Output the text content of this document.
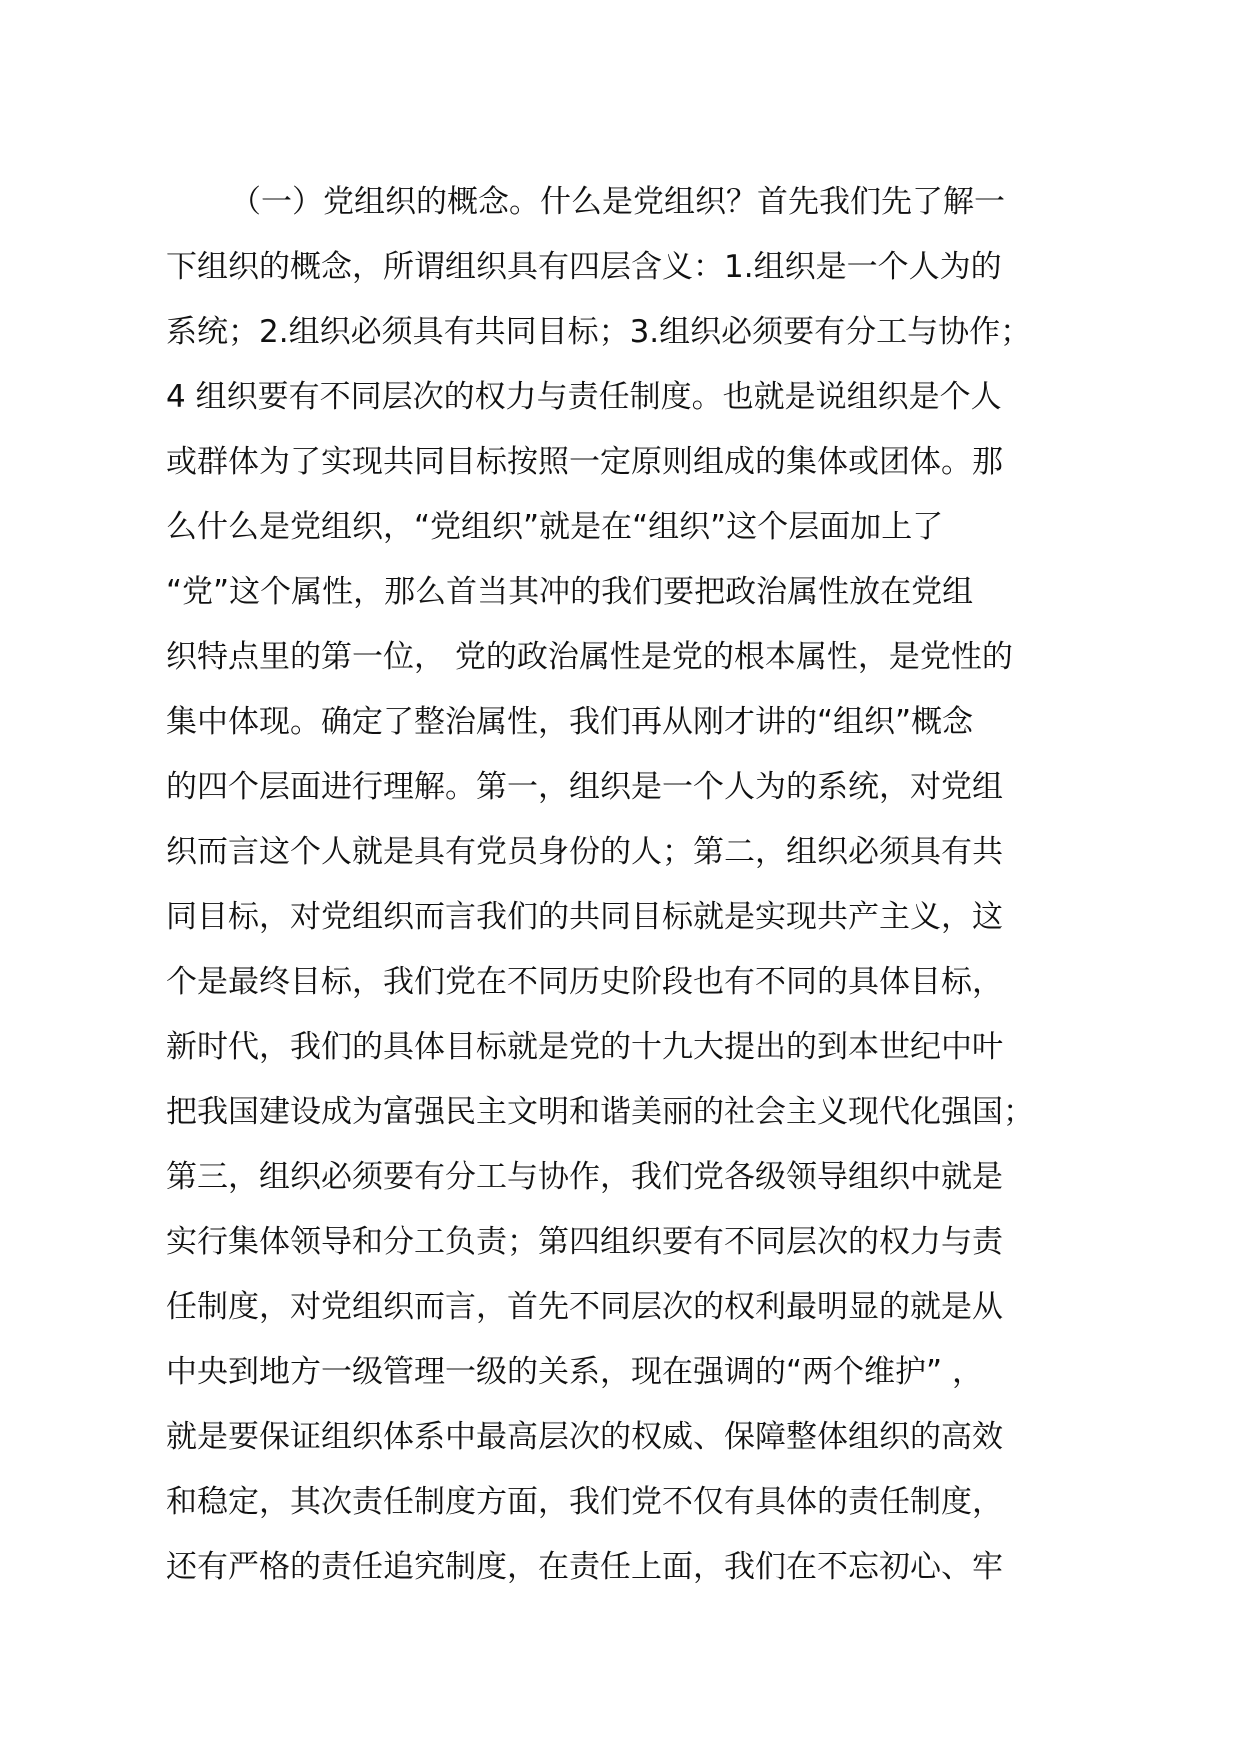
（一）党组织的概念。什么是党组织？首先我们先了解一
下组织的概念，所谓组织具有四层含义：1.组织是一个人为的
系统；2.组织必须具有共同目标；3.组织必须要有分工与协作；
4 组织要有不同层次的权力与责任制度。也就是说组织是个人
或群体为了实现共同目标按照一定原则组成的集体或团体。那
么什么是党组织，“党组织”就是在“组织”这个层面加上了
“党”这个属性，那么首当其冲的我们要把政治属性放在党组
织特点里的第一位， 党的政治属性是党的根本属性，是党性的
集中体现。确定了整治属性，我们再从刚才讲的“组织”概念
的四个层面进行理解。第一，组织是一个人为的系统，对党组
织而言这个人就是具有党员身份的人；第二，组织必须具有共
同目标，对党组织而言我们的共同目标就是实现共产主义，这
个是最终目标，我们党在不同历史阶段也有不同的具体目标，
新时代，我们的具体目标就是党的十九大提出的到本世纪中叶
把我国建设成为富强民主文明和谐美丽的社会主义现代化强国；
第三，组织必须要有分工与协作，我们党各级领导组织中就是
实行集体领导和分工负责；第四组织要有不同层次的权力与责
任制度，对党组织而言，首先不同层次的权利最明显的就是从
中央到地方一级管理一级的关系，现在强调的“两个维护” ，
就是要保证组织体系中最高层次的权威、保障整体组织的高效
和稳定，其次责任制度方面，我们党不仅有具体的责任制度，
还有严格的责任追究制度，在责任上面，我们在不忘初心、牢
